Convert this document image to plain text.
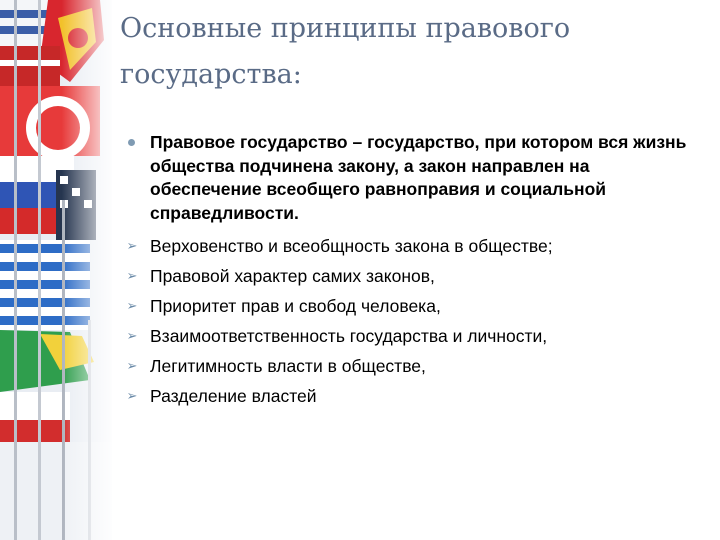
Основные принципы правового
государства:
Правовое государство – государство, при котором вся жизнь общества подчинена закону, а закон направлен на обеспечение всеобщего равноправия и социальной справедливости.
➢ Верховенство и всеобщность закона в обществе;
➢ Правовой характер самих законов,
➢ Приоритет прав и свобод человека,
➢ Взаимоответственность государства и личности,
➢ Легитимность власти в обществе,
➢ Разделение властей
